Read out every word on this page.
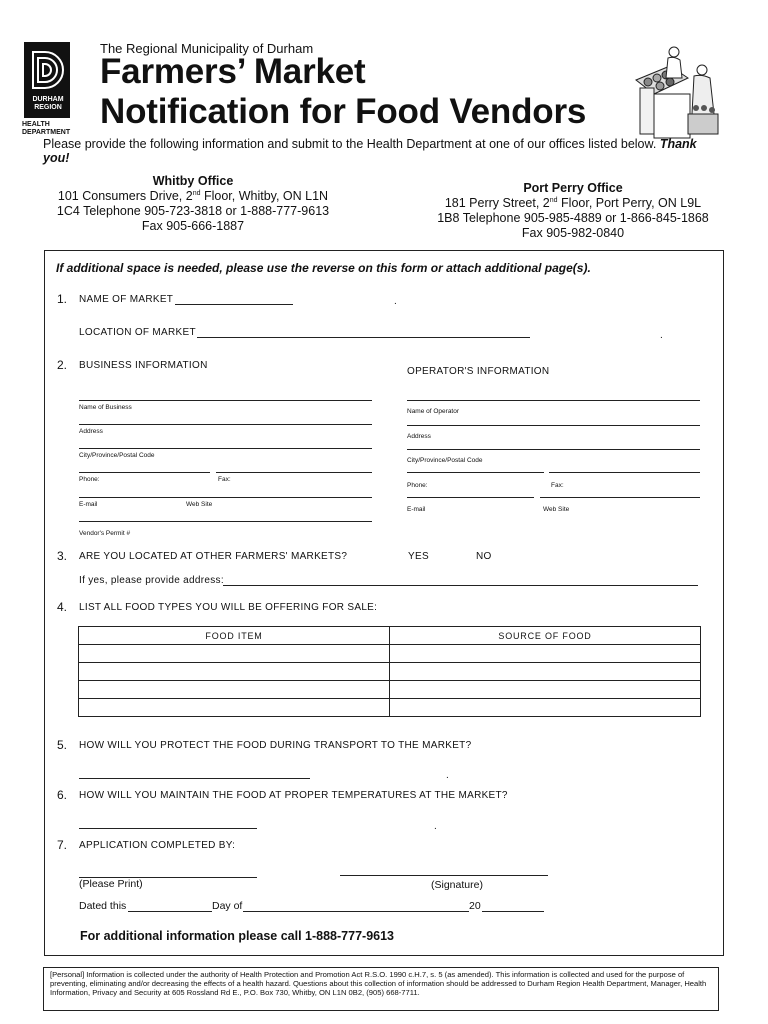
DURHAM REGION
HEALTH DEPARTMENT
The Regional Municipality of Durham
Farmers’ Market
Notification for Food Vendors
Please provide the following information and submit to the Health Department at one of our offices listed below. Thank you!
Whitby Office
101 Consumers Drive, 2nd Floor, Whitby, ON L1N
1C4 Telephone 905-723-3818 or 1-888-777-9613
Fax 905-666-1887
Port Perry Office
181 Perry Street, 2nd Floor, Port Perry, ON L9L
1B8 Telephone 905-985-4889 or 1-866-845-1868
Fax 905-982-0840
If additional space is needed, please use the reverse on this form or attach additional page(s).
1. NAME OF MARKET	.
LOCATION OF MARKET	.
2. BUSINESS INFORMATION
OPERATOR'S INFORMATION
Name of Business
Address
City/Province/Postal Code
Phone:	Fax:
E-mail	Web Site
Vendor's Permit #
Name of Operator
Address
City/Province/Postal Code
Phone:	Fax:
E-mail	Web Site
3. ARE YOU LOCATED AT OTHER FARMERS' MARKETS?	YES	NO
If yes, please provide address:
4. LIST ALL FOOD TYPES YOU WILL BE OFFERING FOR SALE:
FOOD ITEM	SOURCE OF FOOD

5. HOW WILL YOU PROTECT THE FOOD DURING TRANSPORT TO THE MARKET?
.
6. HOW WILL YOU MAINTAIN THE FOOD AT PROPER TEMPERATURES AT THE MARKET?
.
7. APPLICATION COMPLETED BY:
(Please Print)	(Signature)
Dated this	Day of	20
For additional information please call 1-888-777-9613
[Personal] Information is collected under the authority of Health Protection and Promotion Act R.S.O. 1990 c.H.7, s. 5 (as amended). This information is collected and used for the purpose of preventing, eliminating and/or decreasing the effects of a health hazard. Questions about this collection of information should be addressed to Durham Region Health Department, Manager, Health Information, Privacy and Security at 605 Rossland Rd E., P.O. Box 730, Whitby, ON L1N 0B2, (905) 668-7711.
